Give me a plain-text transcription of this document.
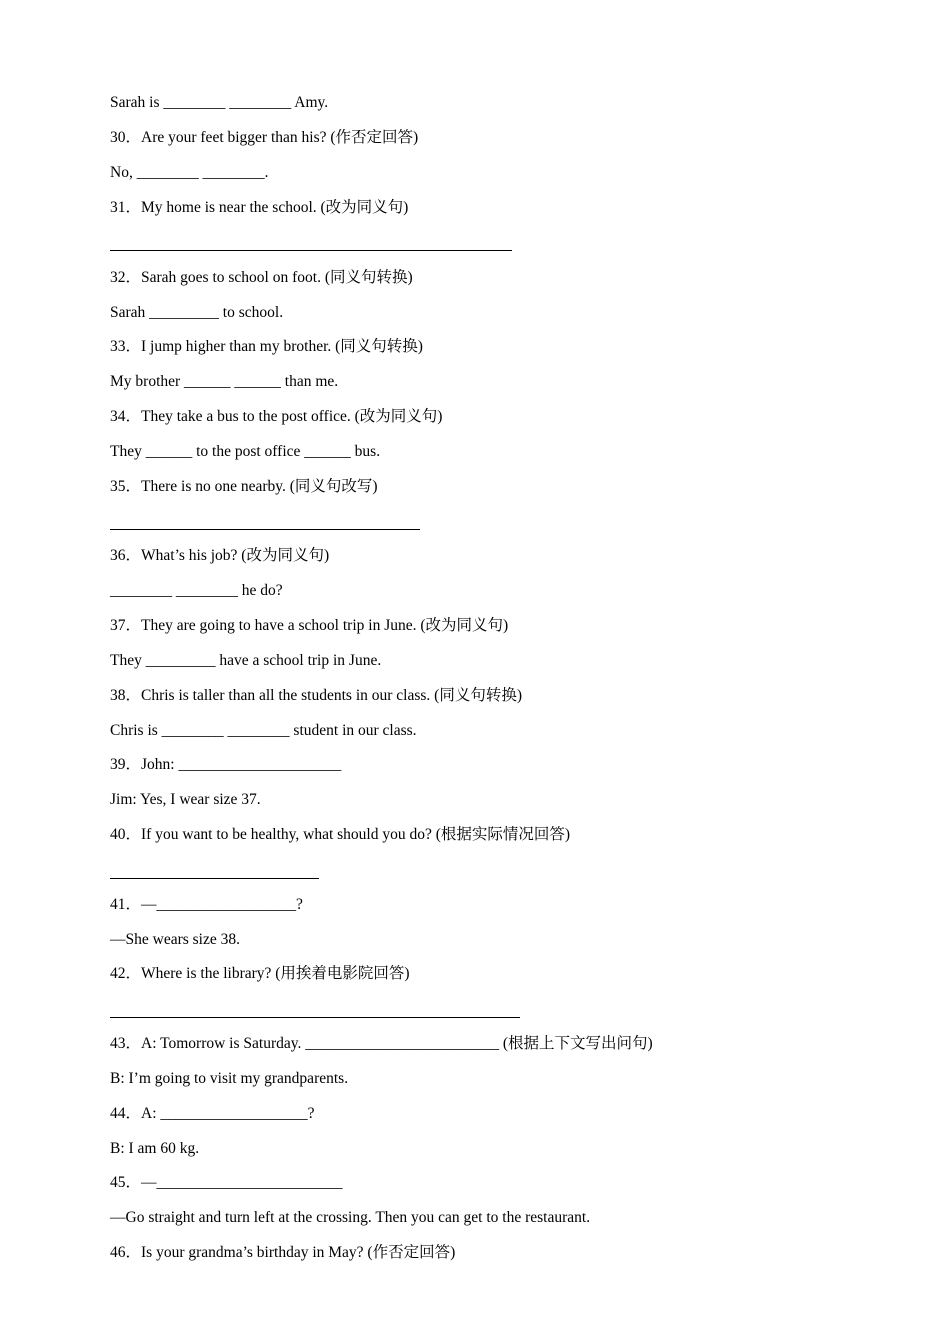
Sarah is ________ ________ Amy.
30．Are your feet bigger than his? (作否定回答)
No, ________ ________.
31．My home is near the school. (改为同义句)
32．Sarah goes to school on foot. (同义句转换)
Sarah _________ to school.
33．I jump higher than my brother. (同义句转换)
My brother ______ ______ than me.
34．They take a bus to the post office. (改为同义句)
They ______ to the post office ______ bus.
35．There is no one nearby. (同义句改写)
36．What’s his job? (改为同义句)
________ ________ he do?
37．They are going to have a school trip in June. (改为同义句)
They _________ have a school trip in June.
38．Chris is taller than all the students in our class. (同义句转换)
Chris is ________ ________ student in our class.
39．John: _____________________
Jim: Yes, I wear size 37.
40．If you want to be healthy, what should you do? (根据实际情况回答)
41．—__________________?
—She wears size 38.
42．Where is the library? (用挨着电影院回答)
43．A: Tomorrow is Saturday. _________________________ (根据上下文写出问句)
B: I’m going to visit my grandparents.
44．A: ___________________?
B: I am 60 kg.
45．—________________________
—Go straight and turn left at the crossing. Then you can get to the restaurant.
46．Is your grandma’s birthday in May? (作否定回答)
